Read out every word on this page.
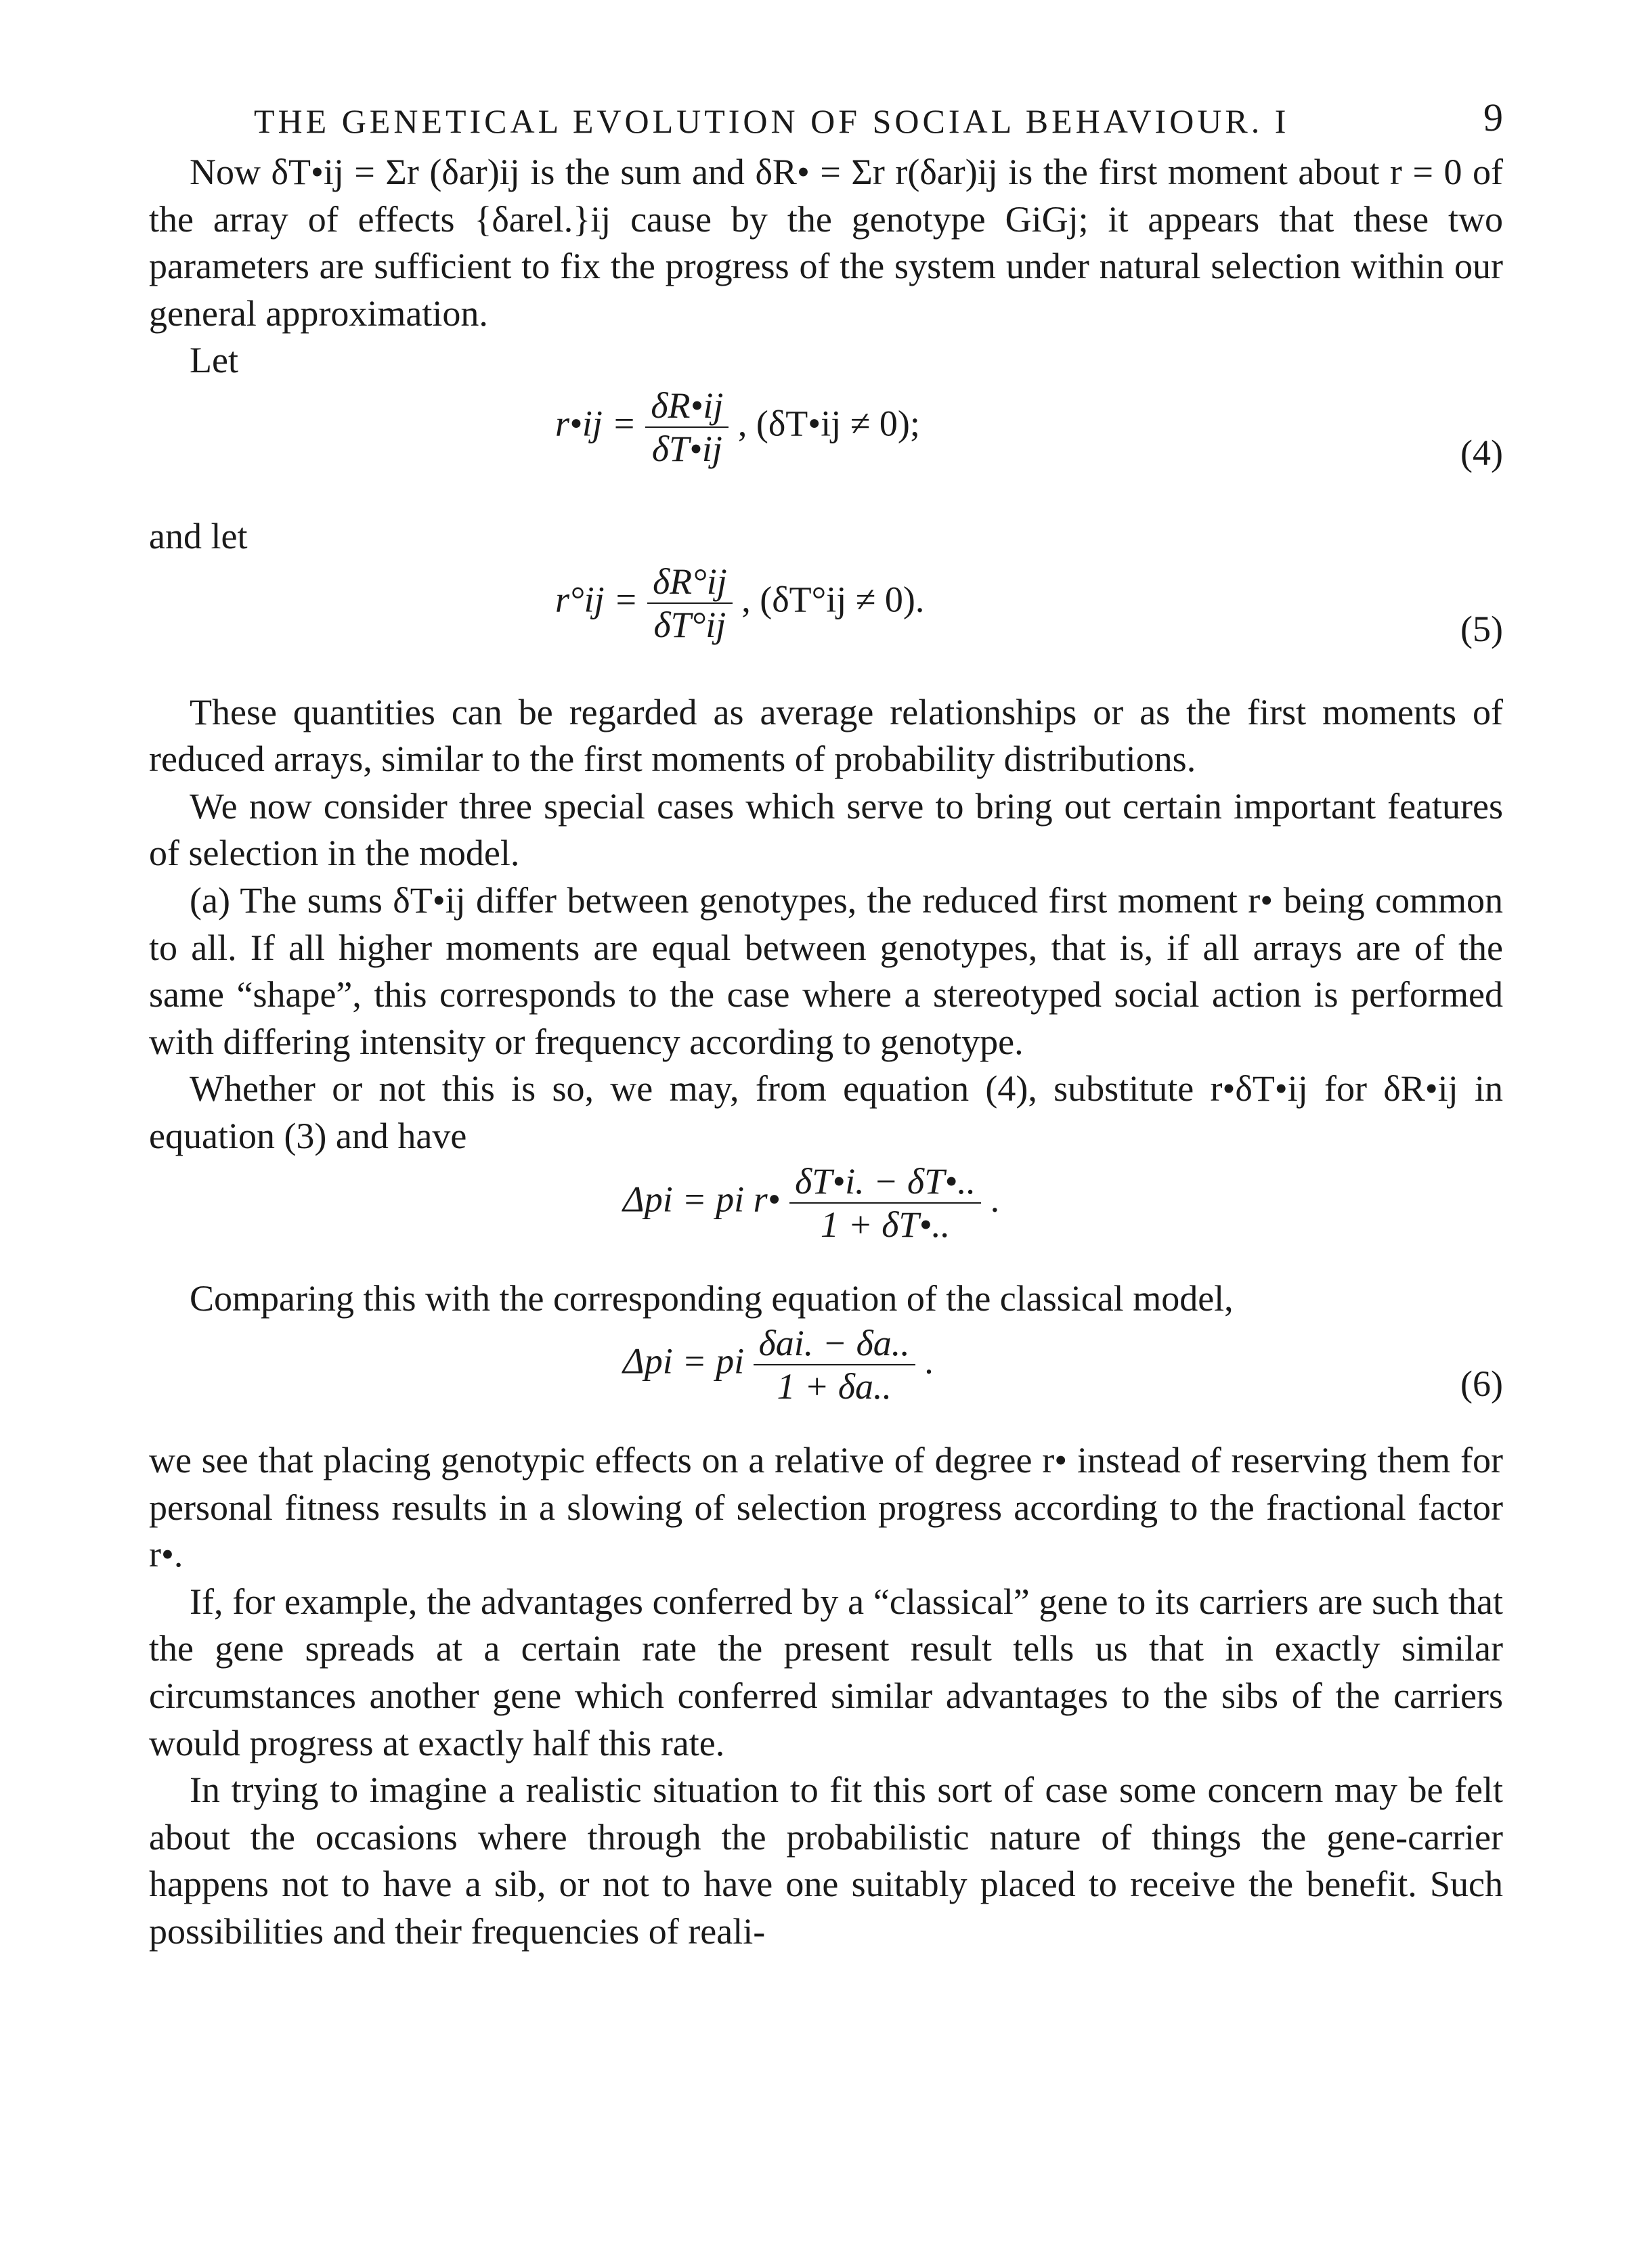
THE GENETICAL EVOLUTION OF SOCIAL BEHAVIOUR. I	9

Now δT•ij = Σr (δar)ij is the sum and δR• = Σr r(δar)ij is the first moment about r = 0 of the array of effects {δarel.}ij cause by the genotype GiGj; it appears that these two parameters are sufficient to fix the progress of the system under natural selection within our general approximation.

Let

r•ij = $\frac{\delta R•ij}{\delta T•ij}$ , (δT•ij ≠ 0);
(4)

and let

$r^\circ ij = \frac{\delta R^\circ ij}{\delta T^\circ ij}$ , (δT°ij ≠ 0).
(5)

These quantities can be regarded as average relationships or as the first moments of reduced arrays, similar to the first moments of probability distributions.

We now consider three special cases which serve to bring out certain important features of selection in the model.

(a) The sums δT•ij differ between genotypes, the reduced first moment r• being common to all. If all higher moments are equal between genotypes, that is, if all arrays are of the same “shape”, this corresponds to the case where a stereotyped social action is performed with differing intensity or frequency according to genotype.

Whether or not this is so, we may, from equation (4), substitute r•δT•ij for δR•ij in equation (3) and have

Δpi = pi r• $\frac{\delta T•i. - \delta T•..}{1 + \delta T•..}$ .

Comparing this with the corresponding equation of the classical model,

Δpi = pi $\frac{\text{δai. − δa..}}{1 + \delta a..}$ .
(6)

we see that placing genotypic effects on a relative of degree r• instead of reserving them for personal fitness results in a slowing of selection progress according to the fractional factor r•.

If, for example, the advantages conferred by a “classical” gene to its carriers are such that the gene spreads at a certain rate the present result tells us that in exactly similar circumstances another gene which conferred similar advantages to the sibs of the carriers would progress at exactly half this rate.

In trying to imagine a realistic situation to fit this sort of case some concern may be felt about the occasions where through the probabilistic nature of things the gene-carrier happens not to have a sib, or not to have one suitably placed to receive the benefit. Such possibilities and their frequencies of reali-
